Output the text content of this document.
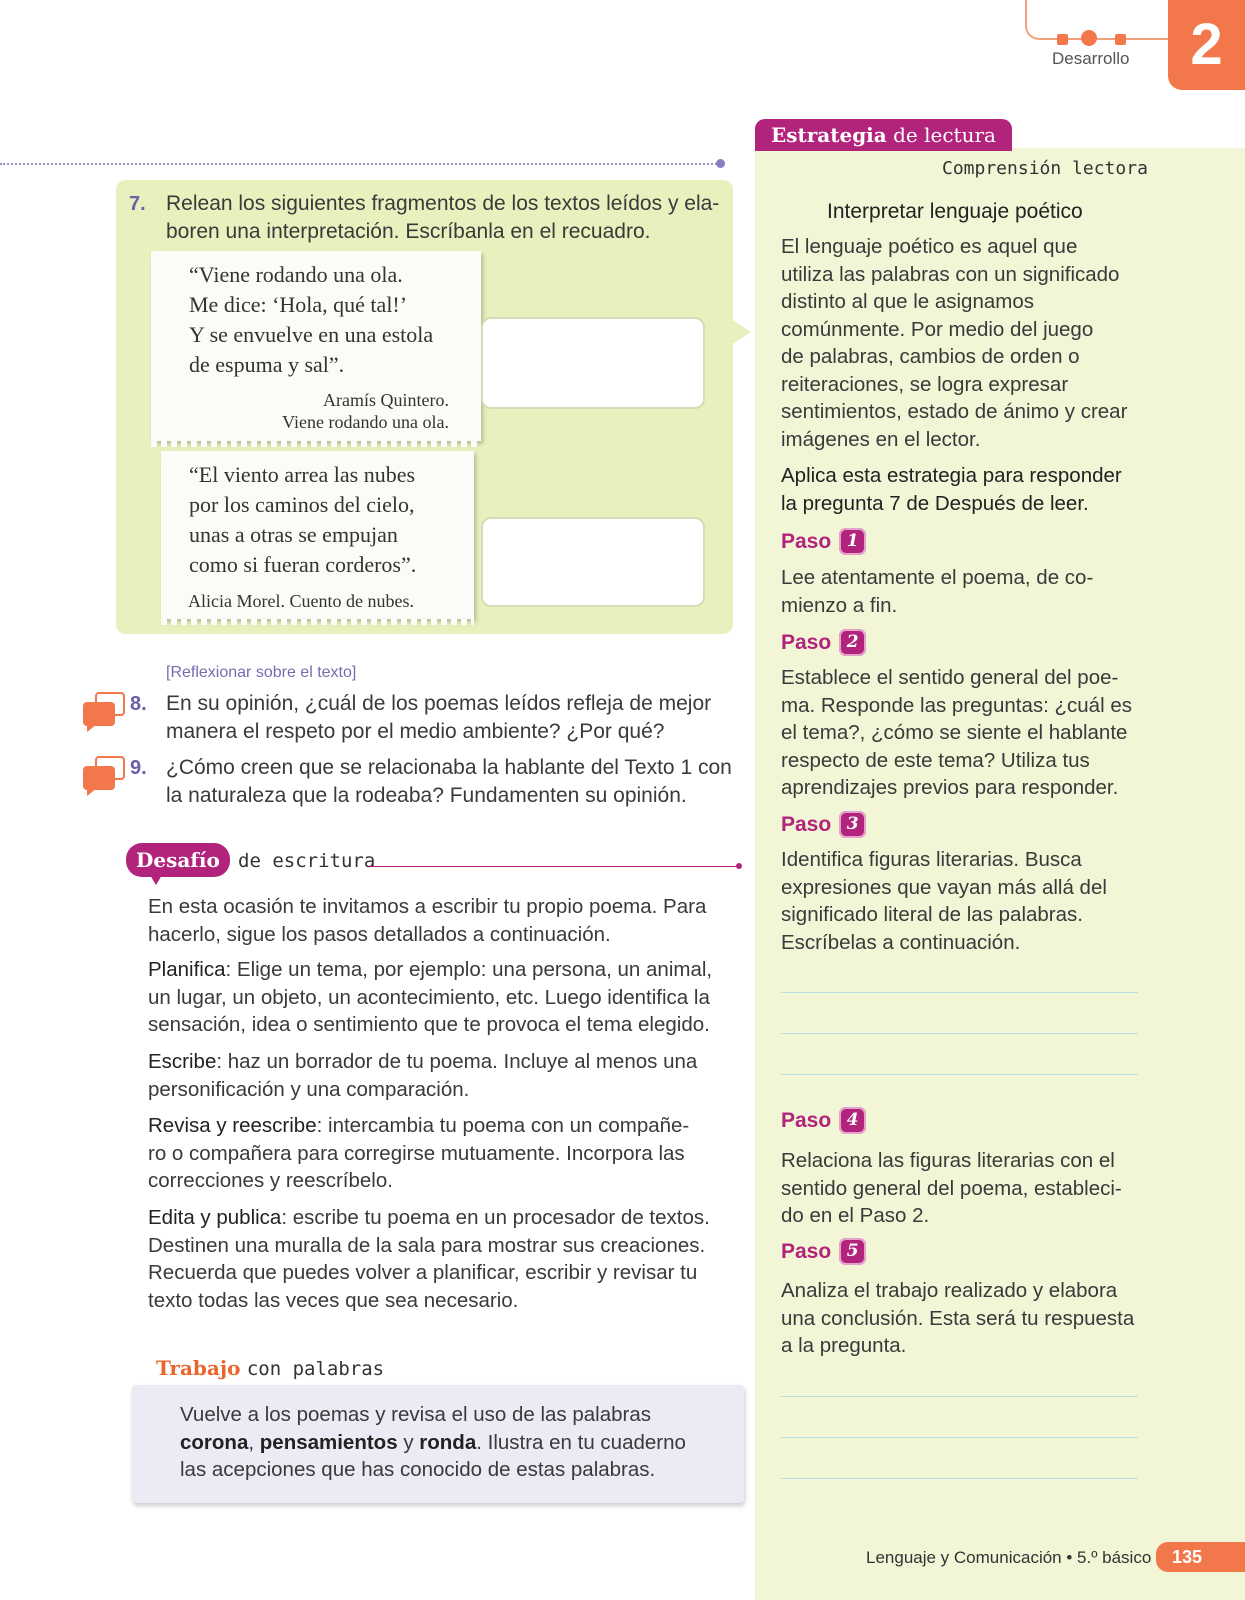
Desarrollo	2
Estrategia de lectura
Comprensión lectora
Interpretar lenguaje poético
El lenguaje poético es aquel que
utiliza las palabras con un significado
distinto al que le asignamos
comúnmente. Por medio del juego
de palabras, cambios de orden o
reiteraciones, se logra expresar
sentimientos, estado de ánimo y crear
imágenes en el lector.
Aplica esta estrategia para responder
la pregunta 7 de Después de leer.
Paso 1
Lee atentamente el poema, de co-
mienzo a fin.
Paso 2
Establece el sentido general del poe-
ma. Responde las preguntas: ¿cuál es
el tema?, ¿cómo se siente el hablante
respecto de este tema? Utiliza tus
aprendizajes previos para responder.
Paso 3
Identifica figuras literarias. Busca
expresiones que vayan más allá del
significado literal de las palabras.
Escríbelas a continuación.
Paso 4
Relaciona las figuras literarias con el
sentido general del poema, estableci-
do en el Paso 2.
Paso 5
Analiza el trabajo realizado y elabora
una conclusión. Esta será tu respuesta
a la pregunta.
7. Relean los siguientes fragmentos de los textos leídos y ela-
boren una interpretación. Escríbanla en el recuadro.
“Viene rodando una ola.
Me dice: ‘Hola, qué tal!’
Y se envuelve en una estola
de espuma y sal”.
Aramís Quintero.
Viene rodando una ola.
“El viento arrea las nubes
por los caminos del cielo,
unas a otras se empujan
como si fueran corderos”.
Alicia Morel. Cuento de nubes.
[Reflexionar sobre el texto]
8. En su opinión, ¿cuál de los poemas leídos refleja de mejor
manera el respeto por el medio ambiente? ¿Por qué?
9. ¿Cómo creen que se relacionaba la hablante del Texto 1 con
la naturaleza que la rodeaba? Fundamenten su opinión.
Desafío de escritura
En esta ocasión te invitamos a escribir tu propio poema. Para
hacerlo, sigue los pasos detallados a continuación.
Planifica: Elige un tema, por ejemplo: una persona, un animal,
un lugar, un objeto, un acontecimiento, etc. Luego identifica la
sensación, idea o sentimiento que te provoca el tema elegido.
Escribe: haz un borrador de tu poema. Incluye al menos una
personificación y una comparación.
Revisa y reescribe: intercambia tu poema con un compañe-
ro o compañera para corregirse mutuamente. Incorpora las
correcciones y reescríbelo.
Edita y publica: escribe tu poema en un procesador de textos.
Destinen una muralla de la sala para mostrar sus creaciones.
Recuerda que puedes volver a planificar, escribir y revisar tu
texto todas las veces que sea necesario.
Trabajo con palabras
Vuelve a los poemas y revisa el uso de las palabras
corona, pensamientos y ronda. Ilustra en tu cuaderno
las acepciones que has conocido de estas palabras.
Lenguaje y Comunicación • 5.º básico	135
